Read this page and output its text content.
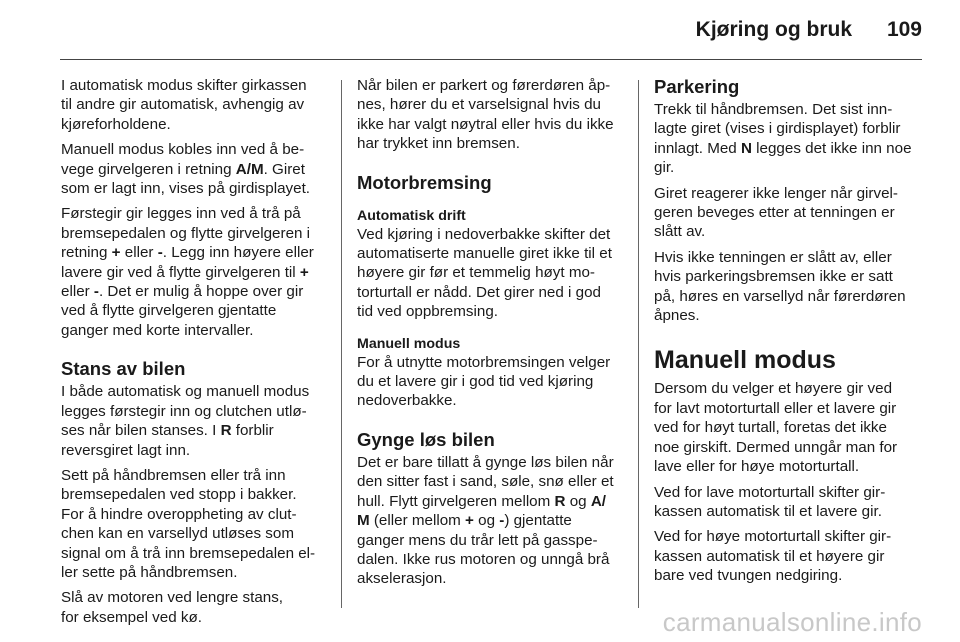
Kjøring og bruk 109

I automatisk modus skifter girkassen
til andre gir automatisk, avhengig av
kjøreforholdene.

Manuell modus kobles inn ved å be-
vege girvelgeren i retning A/M. Giret
som er lagt inn, vises på girdisplayet.

Førstegir gir legges inn ved å trå på
bremsepedalen og flytte girvelgeren i
retning + eller -. Legg inn høyere eller
lavere gir ved å flytte girvelgeren til +
eller -. Det er mulig å hoppe over gir
ved å flytte girvelgeren gjentatte
ganger med korte intervaller.

Stans av bilen

I både automatisk og manuell modus
legges førstegir inn og clutchen utlø-
ses når bilen stanses. I R forblir
reversgiret lagt inn.

Sett på håndbremsen eller trå inn
bremsepedalen ved stopp i bakker.
For å hindre overoppheting av clut-
chen kan en varsellyd utløses som
signal om å trå inn bremsepedalen el-
ler sette på håndbremsen.

Slå av motoren ved lengre stans,
for eksempel ved kø.

Når bilen er parkert og førerdøren åp-
nes, hører du et varselsignal hvis du
ikke har valgt nøytral eller hvis du ikke
har trykket inn bremsen.

Motorbremsing
Automatisk drift

Ved kjøring i nedoverbakke skifter det
automatiserte manuelle giret ikke til et
høyere gir før et temmelig høyt mo-
torturtall er nådd. Det girer ned i god
tid ved oppbremsing.

Manuell modus

For å utnytte motorbremsingen velger
du et lavere gir i god tid ved kjøring
nedoverbakke.

Gynge løs bilen

Det er bare tillatt å gynge løs bilen når
den sitter fast i sand, søle, snø eller et
hull. Flytt girvelgeren mellom R og A/
M (eller mellom + og -) gjentatte
ganger mens du trår lett på gasspe-
dalen. Ikke rus motoren og unngå brå
akselerasjon.

Parkering

Trekk til håndbremsen. Det sist inn-
lagte giret (vises i girdisplayet) forblir
innlagt. Med N legges det ikke inn noe
gir.

Giret reagerer ikke lenger når girvel-
geren beveges etter at tenningen er
slått av.

Hvis ikke tenningen er slått av, eller
hvis parkeringsbremsen ikke er satt
på, høres en varsellyd når førerdøren
åpnes.

Manuell modus

Dersom du velger et høyere gir ved
for lavt motorturtall eller et lavere gir
ved for høyt turtall, foretas det ikke
noe girskift. Dermed unngår man for
lave eller for høye motorturtall.

Ved for lave motorturtall skifter gir-
kassen automatisk til et lavere gir.

Ved for høye motorturtall skifter gir-
kassen automatisk til et høyere gir
bare ved tvungen nedgiring.

carmanualsonline.info
